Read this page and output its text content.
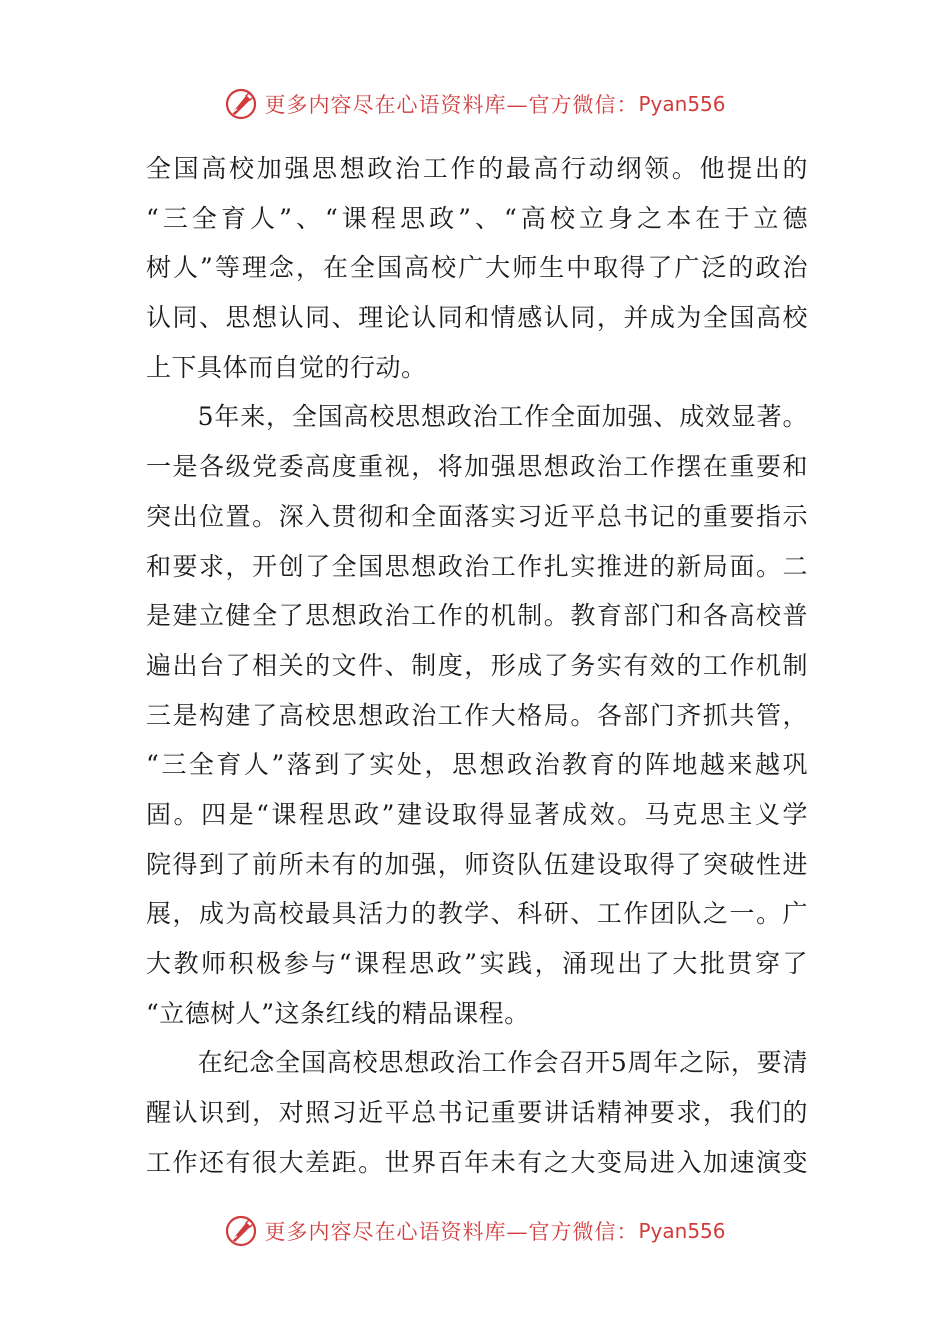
更多内容尽在心语资料库—官方微信： Pyan556
全国高校加强思想政治工作的最高行动纲领。他提出的
“三全育人”、“课程思政”、“高校立身之本在于立德
树人”等理念，在全国高校广大师生中取得了广泛的政治
认同、思想认同、理论认同和情感认同，并成为全国高校
上下具体而自觉的行动。
　　5年来，全国高校思想政治工作全面加强、成效显著。
一是各级党委高度重视，将加强思想政治工作摆在重要和
突出位置。深入贯彻和全面落实习近平总书记的重要指示
和要求，开创了全国思想政治工作扎实推进的新局面。二
是建立健全了思想政治工作的机制。教育部门和各高校普
遍出台了相关的文件、制度，形成了务实有效的工作机制
三是构建了高校思想政治工作大格局。各部门齐抓共管，
“三全育人”落到了实处，思想政治教育的阵地越来越巩
固。四是“课程思政”建设取得显著成效。马克思主义学
院得到了前所未有的加强，师资队伍建设取得了突破性进
展，成为高校最具活力的教学、科研、工作团队之一。广
大教师积极参与“课程思政”实践，涌现出了大批贯穿了
“立德树人”这条红线的精品课程。
　　在纪念全国高校思想政治工作会召开5周年之际，要清
醒认识到，对照习近平总书记重要讲话精神要求，我们的
工作还有很大差距。世界百年未有之大变局进入加速演变
更多内容尽在心语资料库—官方微信： Pyan556
